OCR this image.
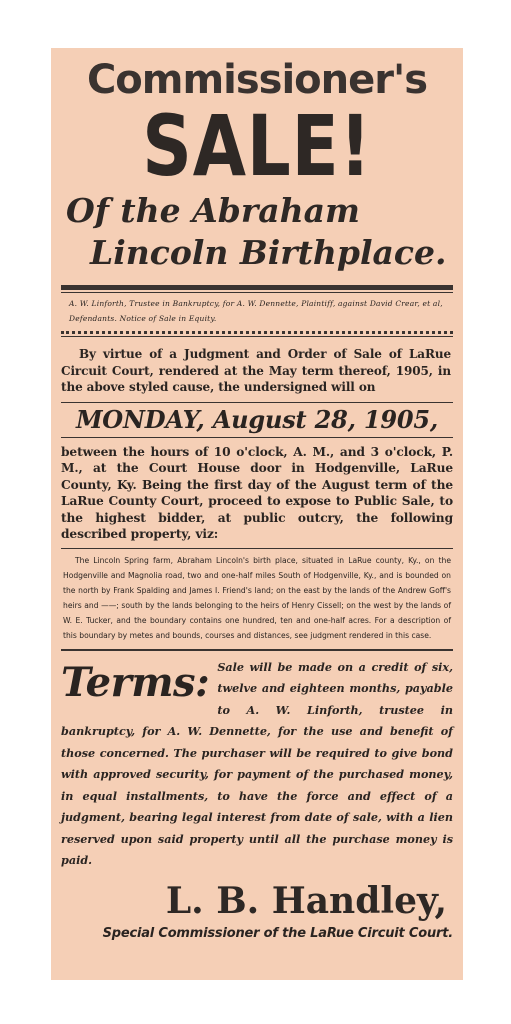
Commissioner's
SALE!
Of the Abraham
Lincoln Birthplace.
A. W. Linforth, Trustee in Bankruptcy, for A. W. Dennette, Plaintiff, against David Crear, et al, Defendants. Notice of Sale in Equity.
By virtue of a Judgment and Order of Sale of LaRue Circuit Court, rendered at the May term thereof, 1905, in the above styled cause, the undersigned will on
MONDAY, August 28, 1905,
between the hours of 10 o'clock, A. M., and 3 o'clock, P. M., at the Court House door in Hodgenville, LaRue County, Ky. Being the first day of the August term of the LaRue County Court, proceed to expose to Public Sale, to the highest bidder, at public outcry, the following described property, viz:
The Lincoln Spring farm, Abraham Lincoln's birth place, situated in LaRue county, Ky., on the Hodgenville and Magnolia road, two and one-half miles South of Hodgenville, Ky., and is bounded on the north by Frank Spalding and James I. Friend's land; on the east by the lands of the Andrew Goff's heirs and ——; south by the lands belonging to the heirs of Henry Cissell; on the west by the lands of W. E. Tucker, and the boundary contains one hundred, ten and one-half acres. For a description of this boundary by metes and bounds, courses and distances, see judgment rendered in this case.
Terms: Sale will be made on a credit of six, twelve and eighteen months, payable to A. W. Linforth, trustee in bankruptcy, for A. W. Dennette, for the use and benefit of those concerned. The purchaser will be required to give bond with approved security, for payment of the purchased money, in equal installments, to have the force and effect of a judgment, bearing legal interest from date of sale, with a lien reserved upon said property until all the purchase money is paid.
L. B. Handley,
Special Commissioner of the LaRue Circuit Court.
